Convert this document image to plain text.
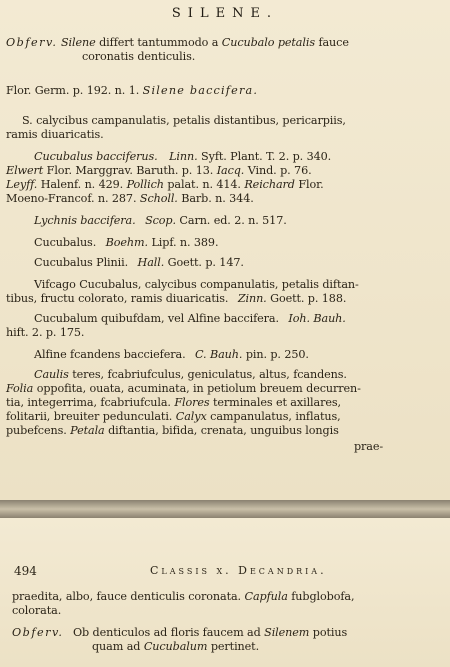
SILENE.
Obferv. Silene differt tantummodo a Cucubalo petalis fauce
coronatis denticulis.
Flor. Germ. p. 192. n. 1. Silene baccifera.
S. calycibus campanulatis, petalis distantibus, pericarpiis,
ramis diuaricatis.
Cucubalus bacciferus. Linn. Syft. Plant. T. 2. p. 340.
Elwert Flor. Marggrav. Baruth. p. 13. Iacq. Vind. p. 76.
Leyff. Halenf. n. 429. Pollich palat. n. 414. Reichard Flor.
Moeno-Francof. n. 287. Scholl. Barb. n. 344.
Lychnis baccifera. Scop. Carn. ed. 2. n. 517.
Cucubalus. Boehm. Lipf. n. 389.
Cucubalus Plinii. Hall. Goett. p. 147.
Vifcago Cucubalus, calycibus companulatis, petalis diftan-
tibus, fructu colorato, ramis diuaricatis. Zinn. Goett. p. 188.
Cucubalum quibufdam, vel Alfine baccifera. Ioh. Bauh.
hift. 2. p. 175.
Alfine fcandens bacciefera. C. Bauh. pin. p. 250.
Caulis teres, fcabriufculus, geniculatus, altus, fcandens.
Folia oppofita, ouata, acuminata, in petiolum breuem decurren-
tia, integerrima, fcabriufcula. Flores terminales et axillares,
folitarii, breuiter pedunculati. Calyx campanulatus, inflatus,
pubefcens. Petala diftantia, bifida, crenata, unguibus longis
prae-
494	Classis x. Decandria.
praedita, albo, fauce denticulis coronata. Capfula fubglobofa,
colorata.
Obferv. Ob denticulos ad floris faucem ad Silenem potius
quam ad Cucubalum pertinet.
